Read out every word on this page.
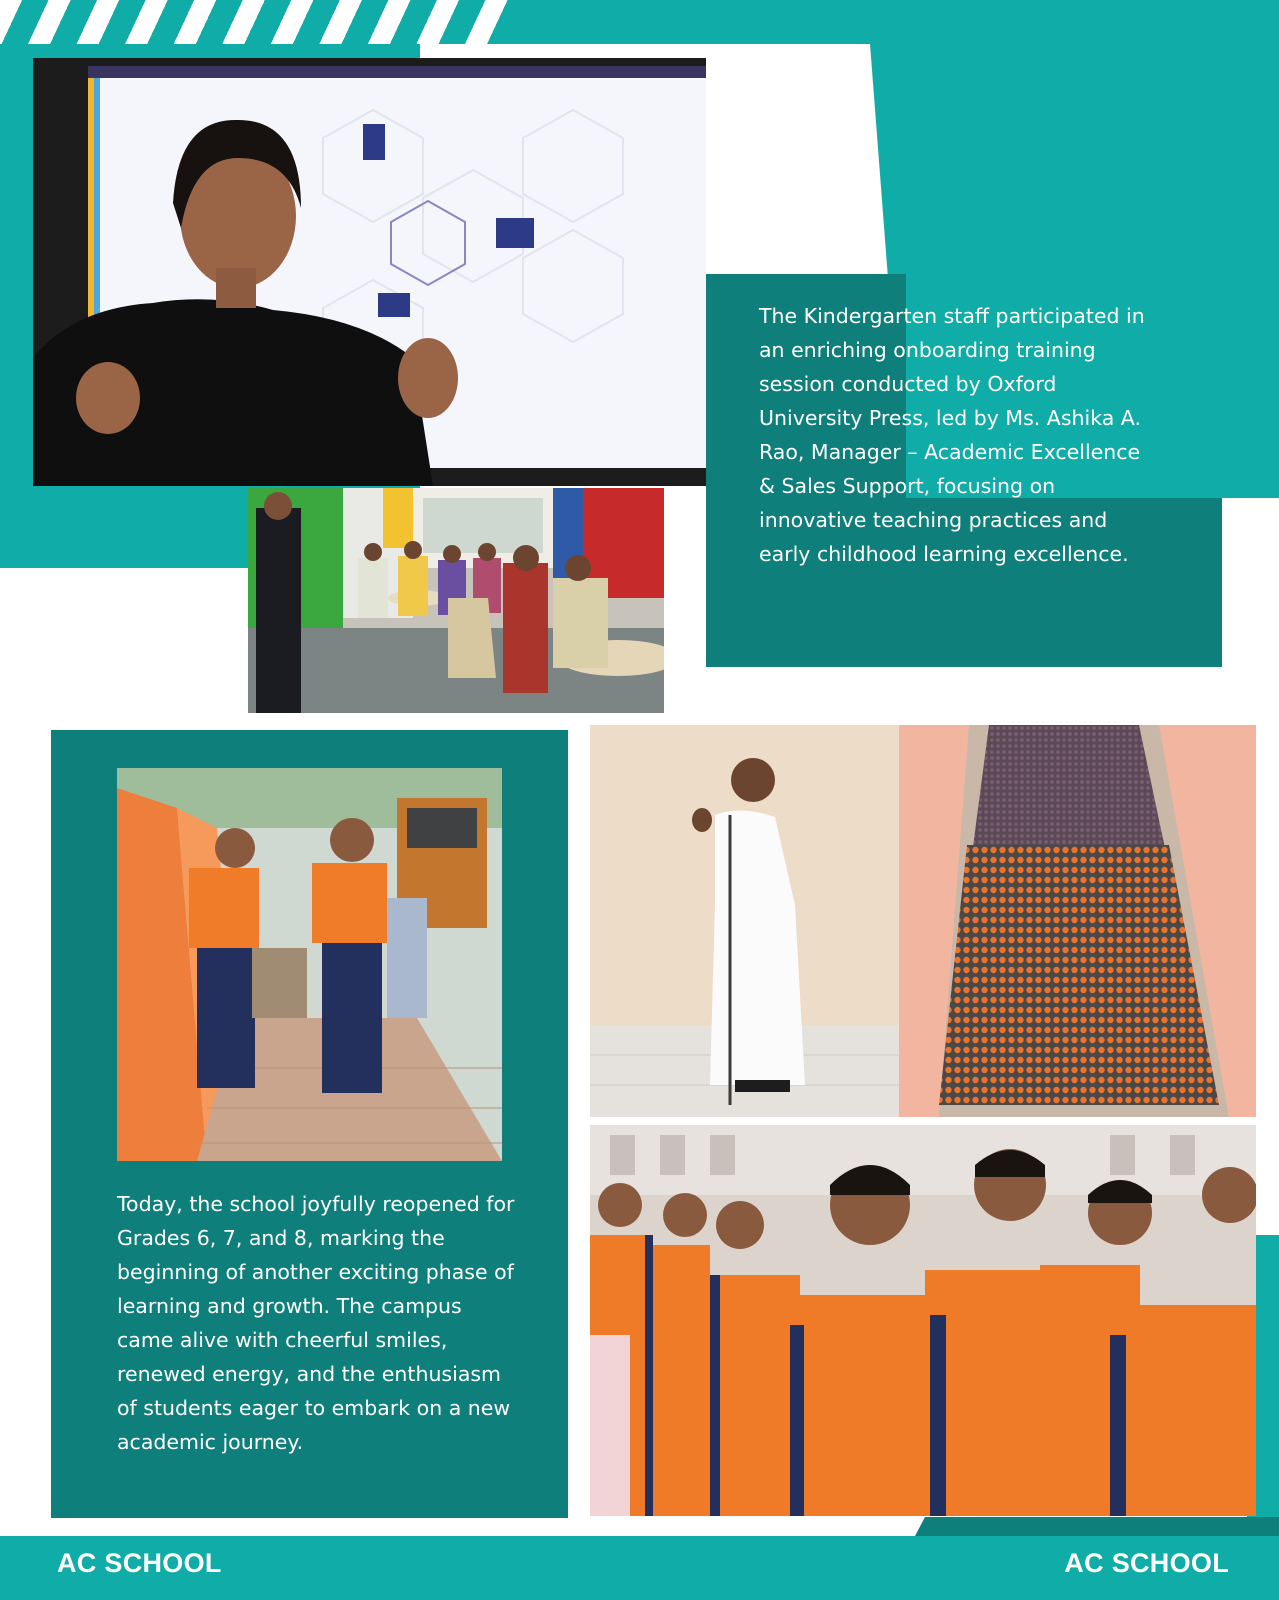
The Kindergarten staff participated in an enriching onboarding training session conducted by Oxford University Press, led by Ms. Ashika A. Rao, Manager – Academic Excellence & Sales Support, focusing on innovative teaching practices and early childhood learning excellence.

Today, the school joyfully reopened for Grades 6, 7, and 8, marking the beginning of another exciting phase of learning and growth. The campus came alive with cheerful smiles, renewed energy, and the enthusiasm of students eager to embark on a new academic journey.

AC SCHOOL	AC SCHOOL
